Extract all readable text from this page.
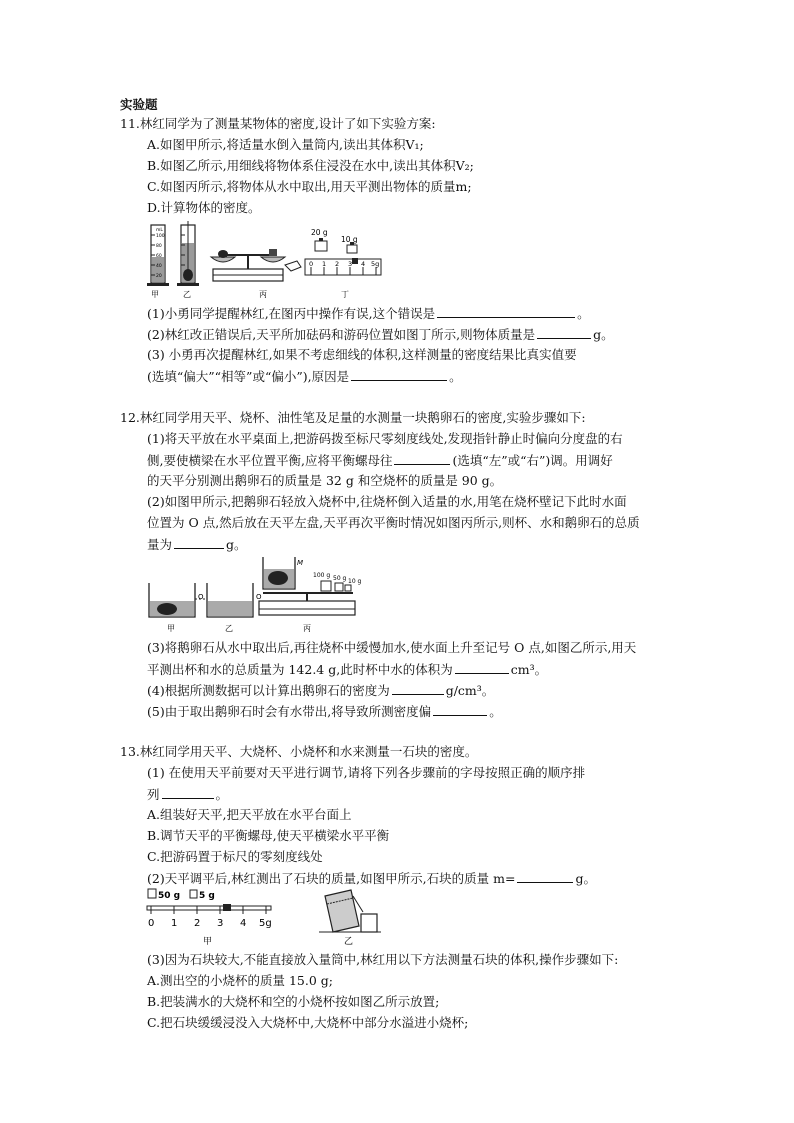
实验题
11.林红同学为了测量某物体的密度,设计了如下实验方案:
A.如图甲所示,将适量水倒入量筒内,读出其体积V₁;
B.如图乙所示,用细线将物体系住浸没在水中,读出其体积V₂;
C.如图丙所示,将物体从水中取出,用天平测出物体的质量m;
D.计算物体的密度。
mL
100
80
60
40
20
20 g
10 g
0 1 2 3 4 5g
甲	乙	丙	丁
(1)小勇同学提醒林红,在图丙中操作有误,这个错误是	。
(2)林红改正错误后,天平所加砝码和游码位置如图丁所示,则物体质量是	g。
(3) 小勇再次提醒林红,如果不考虑细线的体积,这样测量的密度结果比真实值要
(选填“偏大”“相等”或“偏小”),原因是	。
12.林红同学用天平、烧杯、油性笔及足量的水测量一块鹅卵石的密度,实验步骤如下:
(1)将天平放在水平桌面上,把游码拨至标尺零刻度线处,发现指针静止时偏向分度盘的右
侧,要使横梁在水平位置平衡,应将平衡螺母往	(选填“左”或“右”)调。用调好
的天平分别测出鹅卵石的质量是 32 g 和空烧杯的质量是 90 g。
(2)如图甲所示,把鹅卵石轻放入烧杯中,往烧杯倒入适量的水,用笔在烧杯壁记下此时水面
位置为 O 点,然后放在天平左盘,天平再次平衡时情况如图丙所示,则杯、水和鹅卵石的总质
量为	g。
O	O
M
100 g 50 g 10 g
甲	乙	丙
(3)将鹅卵石从水中取出后,再往烧杯中缓慢加水,使水面上升至记号 O 点,如图乙所示,用天
平测出杯和水的总质量为 142.4 g,此时杯中水的体积为	cm³。
(4)根据所测数据可以计算出鹅卵石的密度为	g/cm³。
(5)由于取出鹅卵石时会有水带出,将导致所测密度偏	。
13.林红同学用天平、大烧杯、小烧杯和水来测量一石块的密度。
(1) 在使用天平前要对天平进行调节,请将下列各步骤前的字母按照正确的顺序排
列	。
A.组装好天平,把天平放在水平台面上
B.调节天平的平衡螺母,使天平横梁水平平衡
C.把游码置于标尺的零刻度线处
(2)天平调平后,林红测出了石块的质量,如图甲所示,石块的质量 m=	g。
50 g 5 g
0 1 2 3 4 5g
甲	乙
(3)因为石块较大,不能直接放入量筒中,林红用以下方法测量石块的体积,操作步骤如下:
A.测出空的小烧杯的质量 15.0 g;
B.把装满水的大烧杯和空的小烧杯按如图乙所示放置;
C.把石块缓缓浸没入大烧杯中,大烧杯中部分水溢进小烧杯;
